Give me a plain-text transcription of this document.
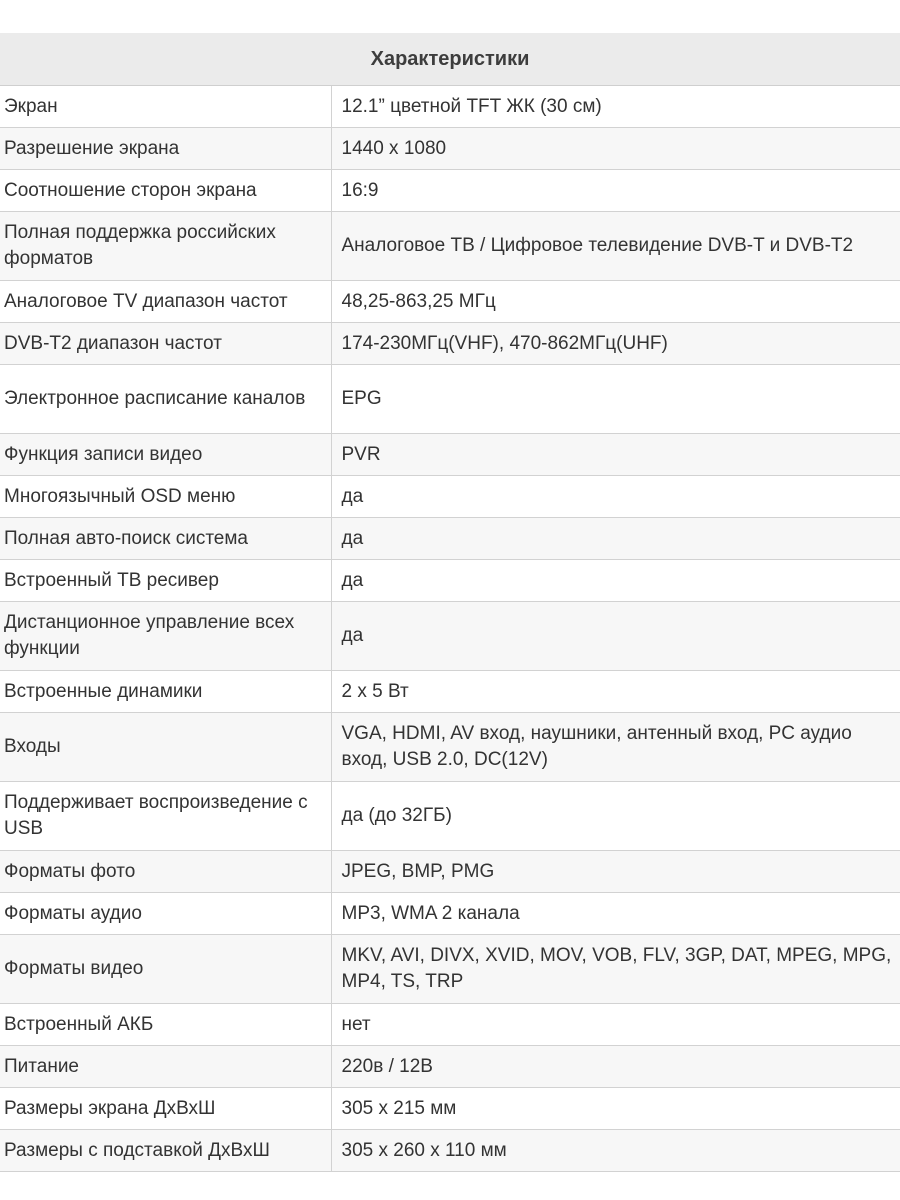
Характеристики	
Экран	12.1” цветной TFT ЖК (30 см)
Разрешение экрана	1440 x 1080
Соотношение сторон экрана	16:9
Полная поддержка российских форматов	Аналоговое ТВ / Цифровое телевидение DVB-T и DVB-T2
Аналоговое TV диапазон частот	48,25-863,25 МГц
DVB-T2 диапазон частот	174-230МГц(VHF), 470-862МГц(UHF)
Электронное расписание каналов	EPG
Функция записи видео	PVR
Многоязычный OSD меню	да
Полная авто-поиск система	да
Встроенный ТВ ресивер	да
Дистанционное управление всех функции	да
Встроенные динамики	2 x 5 Вт
Входы	VGA, HDMI, AV вход, наушники, антенный вход, PC аудио вход, USB 2.0, DC(12V)
Поддерживает воспроизведение с USB	да (до 32ГБ)
Форматы фото	JPEG, BMP, PMG
Форматы аудио	MP3, WMA 2 канала
Форматы видео	MKV, AVI, DIVX, XVID, MOV, VOB, FLV, 3GP, DAT, MPEG, MPG, MP4, TS, TRP
Встроенный АКБ	нет
Питание	220в / 12В
Размеры экрана ДхВхШ	305 x 215 мм
Размеры с подставкой ДхВхШ	305 x 260 x 110 мм
